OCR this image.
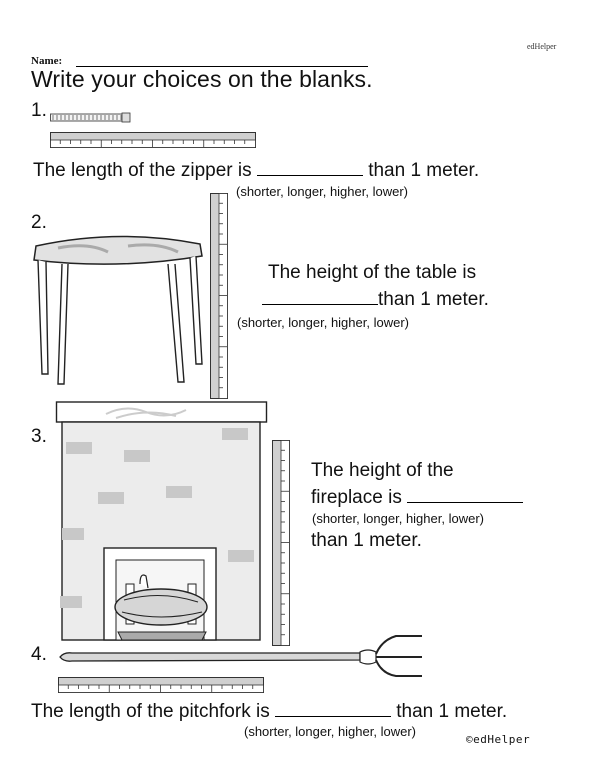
edHelper
Name:
Write your choices on the blanks.
1.
The length of the zipper is	than 1 meter.
(shorter, longer, higher, lower)
2.
The height of the table is
than 1 meter.
(shorter, longer, higher, lower)
3.
The height of the
fireplace is
(shorter, longer, higher, lower)
than 1 meter.
4.
The length of the pitchfork is	than 1 meter.
(shorter, longer, higher, lower)
©edHelper
